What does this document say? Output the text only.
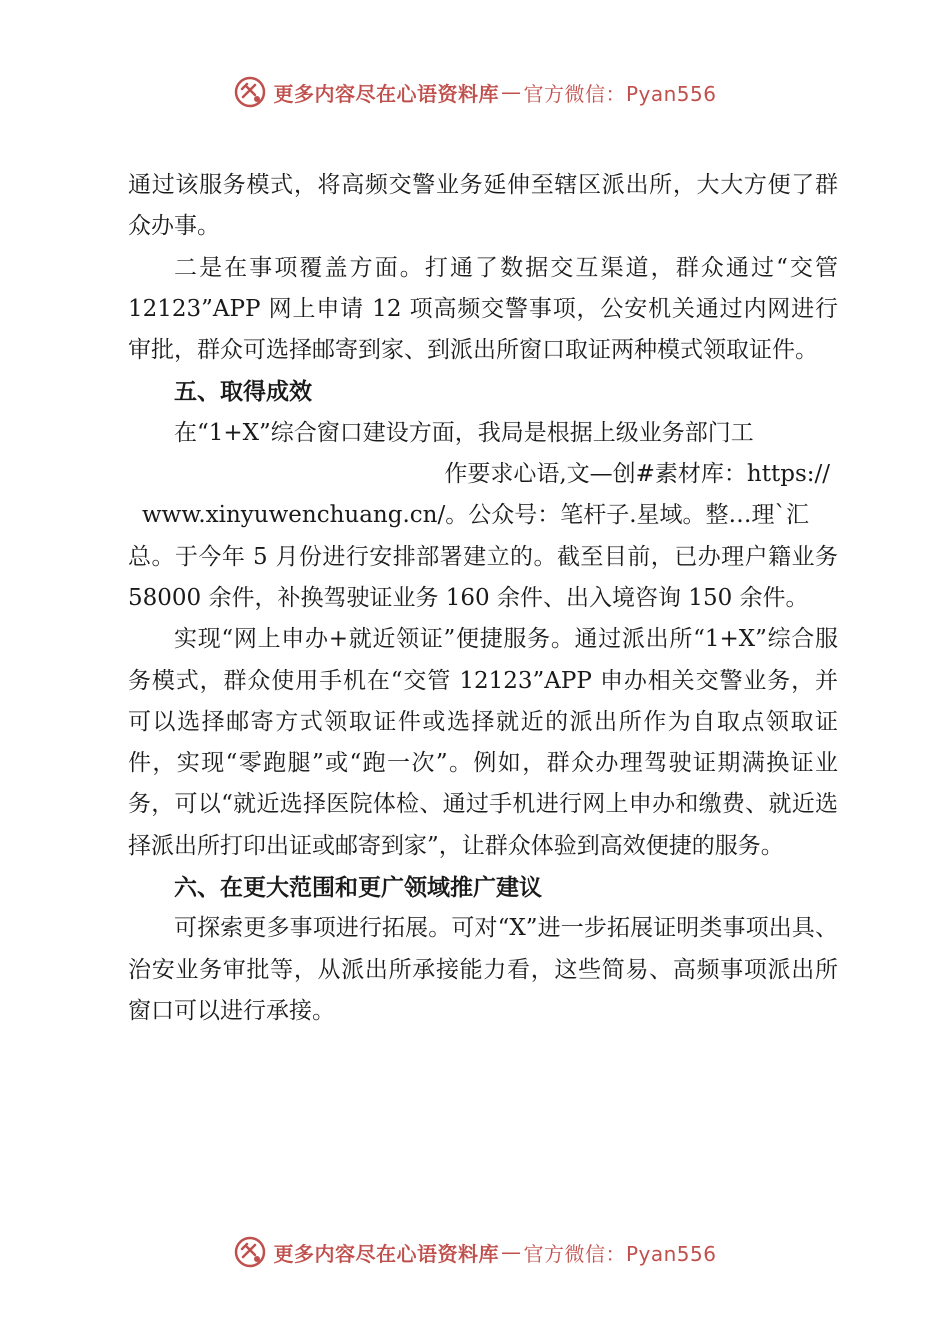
更多内容尽在心语资料库 — 官方微信：Pyan556

通过该服务模式，将高频交警业务延伸至辖区派出所，大大方便了群众办事。

二是在事项覆盖方面。打通了数据交互渠道，群众通过“交管 12123”APP 网上申请 12 项高频交警事项，公安机关通过内网进行审批，群众可选择邮寄到家、到派出所窗口取证两种模式领取证件。

五、取得成效

在“1+X”综合窗口建设方面，我局是根据上级业务部门工

作要求心语,文—创#素材库：https://

www.xinyuwenchuang.cn/。公众号：笔杆子.星域。整…理`汇

总。于今年 5 月份进行安排部署建立的。截至目前，已办理户籍业务 58000 余件，补换驾驶证业务 160 余件、出入境咨询 150 余件。

实现“网上申办+就近领证”便捷服务。通过派出所“1+X”综合服务模式，群众使用手机在“交管 12123”APP 申办相关交警业务，并可以选择邮寄方式领取证件或选择就近的派出所作为自取点领取证件，实现“零跑腿”或“跑一次”。例如，群众办理驾驶证期满换证业务，可以“就近选择医院体检、通过手机进行网上申办和缴费、就近选择派出所打印出证或邮寄到家”，让群众体验到高效便捷的服务。

六、在更大范围和更广领域推广建议

可探索更多事项进行拓展。可对“X”进一步拓展证明类事项出具、治安业务审批等，从派出所承接能力看，这些简易、高频事项派出所窗口可以进行承接。

更多内容尽在心语资料库 — 官方微信：Pyan556
